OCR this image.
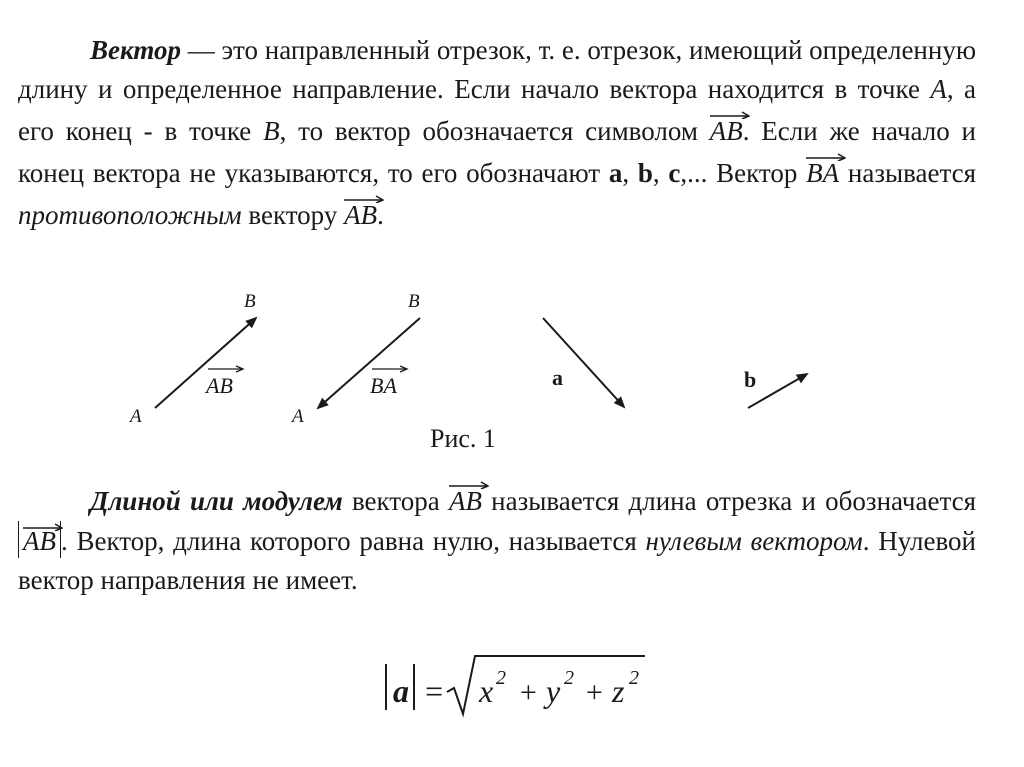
Вектор — это направленный отрезок, т. е. отрезок, имеющий определенную длину и определенное направление. Если начало вектора находится в точке A, а его конец - в точке B, то вектор обозначается символом
AB. Если же начало и конец вектора не указываются, то его обозначают a, b, c,... Вектор
BA называется противоположным вектору
AB.
A
B
AB
A
B
BA	a	b
Рис. 1
Длиной или модулем вектора
AB называется длина отрезка и обозначается
AB . Вектор, длина которого равна нулю, называется нулевым вектором. Нулевой вектор направления не имеет.
a = x 2 + y 2 + z 2
